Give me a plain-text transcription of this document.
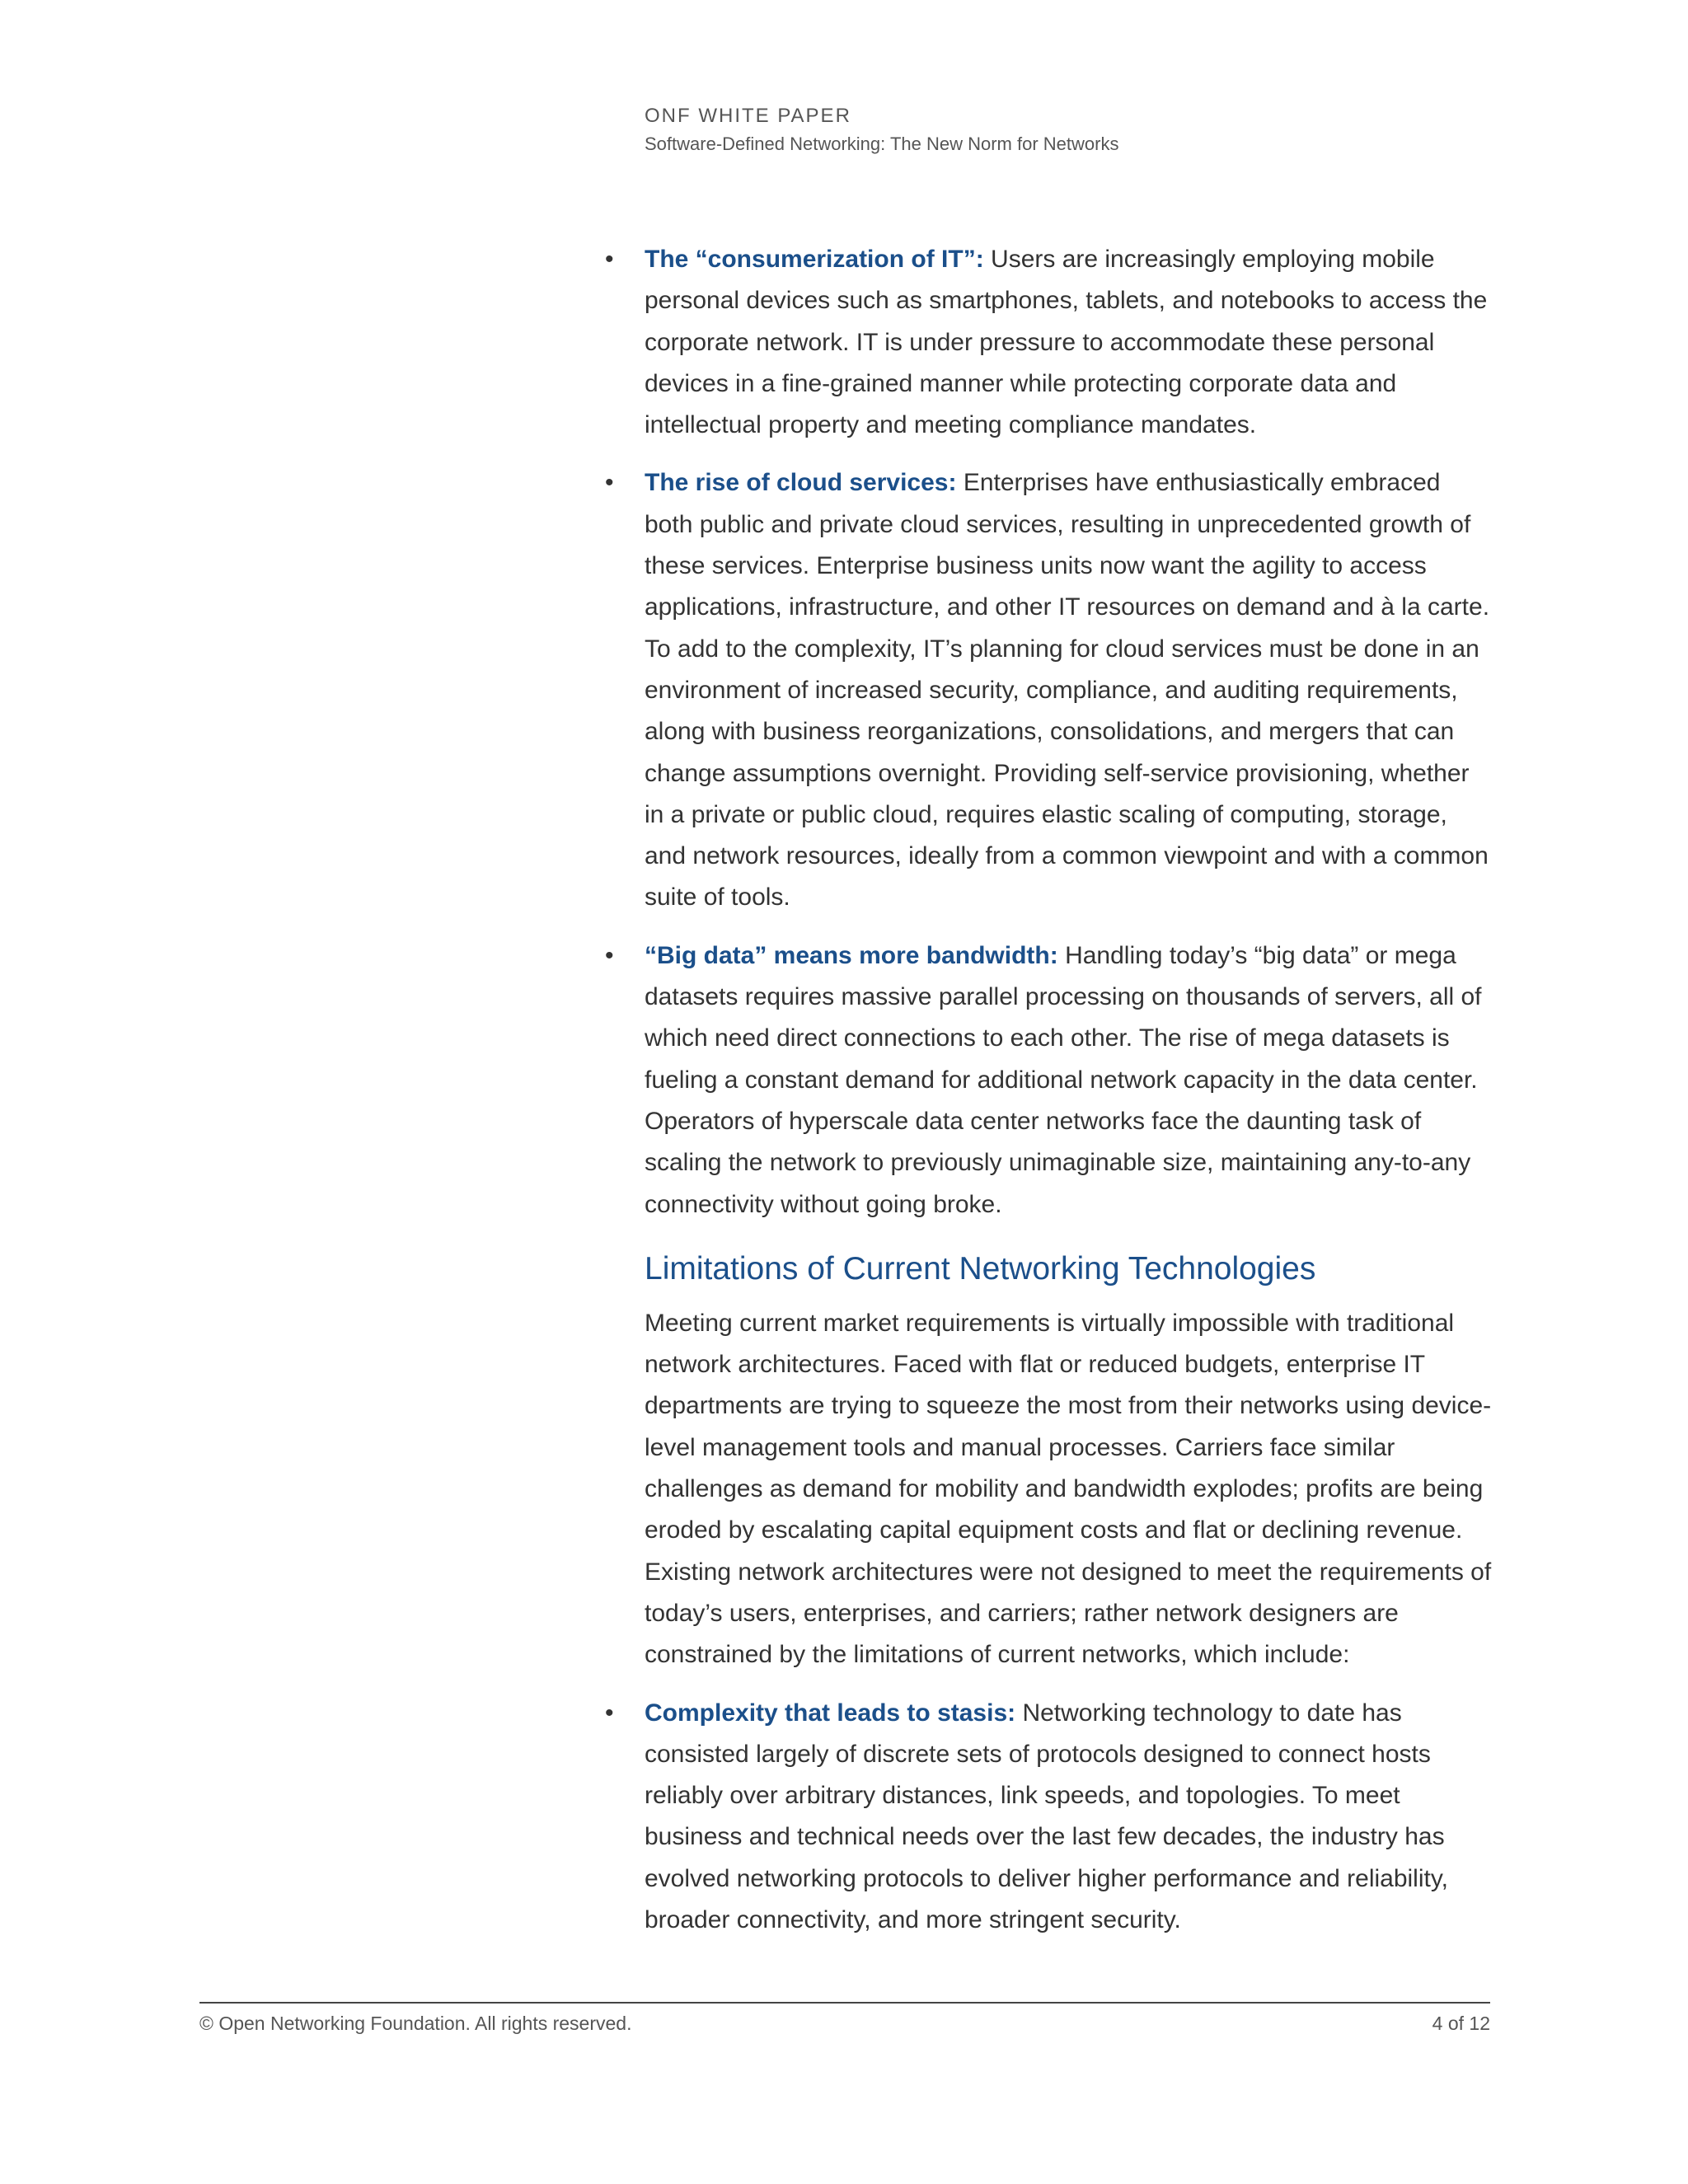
ONF WHITE PAPER
Software-Defined Networking: The New Norm for Networks
• The “consumerization of IT”: Users are increasingly employing mobile personal devices such as smartphones, tablets, and notebooks to access the corporate network. IT is under pressure to accommodate these personal devices in a fine-grained manner while protecting corporate data and intellectual property and meeting compliance mandates.
• The rise of cloud services: Enterprises have enthusiastically embraced both public and private cloud services, resulting in unprecedented growth of these services. Enterprise business units now want the agility to access applications, infrastructure, and other IT resources on demand and à la carte. To add to the complexity, IT’s planning for cloud services must be done in an environment of increased security, compliance, and auditing requirements, along with business reorganizations, consolidations, and mergers that can change assumptions overnight. Providing self-service provisioning, whether in a private or public cloud, requires elastic scaling of computing, storage, and network resources, ideally from a common viewpoint and with a common suite of tools.
• “Big data” means more bandwidth: Handling today’s “big data” or mega datasets requires massive parallel processing on thousands of servers, all of which need direct connections to each other. The rise of mega datasets is fueling a constant demand for additional network capacity in the data center. Operators of hyperscale data center networks face the daunting task of scaling the network to previously unimaginable size, maintaining any-to-any connectivity without going broke.
Limitations of Current Networking Technologies

Meeting current market requirements is virtually impossible with traditional network architectures. Faced with flat or reduced budgets, enterprise IT departments are trying to squeeze the most from their networks using device-level management tools and manual processes. Carriers face similar challenges as demand for mobility and bandwidth explodes; profits are being eroded by escalating capital equipment costs and flat or declining revenue. Existing network architectures were not designed to meet the requirements of today’s users, enterprises, and carriers; rather network designers are constrained by the limitations of current networks, which include:

• Complexity that leads to stasis: Networking technology to date has consisted largely of discrete sets of protocols designed to connect hosts reliably over arbitrary distances, link speeds, and topologies. To meet business and technical needs over the last few decades, the industry has evolved networking protocols to deliver higher performance and reliability, broader connectivity, and more stringent security.
© Open Networking Foundation. All rights reserved.	4 of 12
